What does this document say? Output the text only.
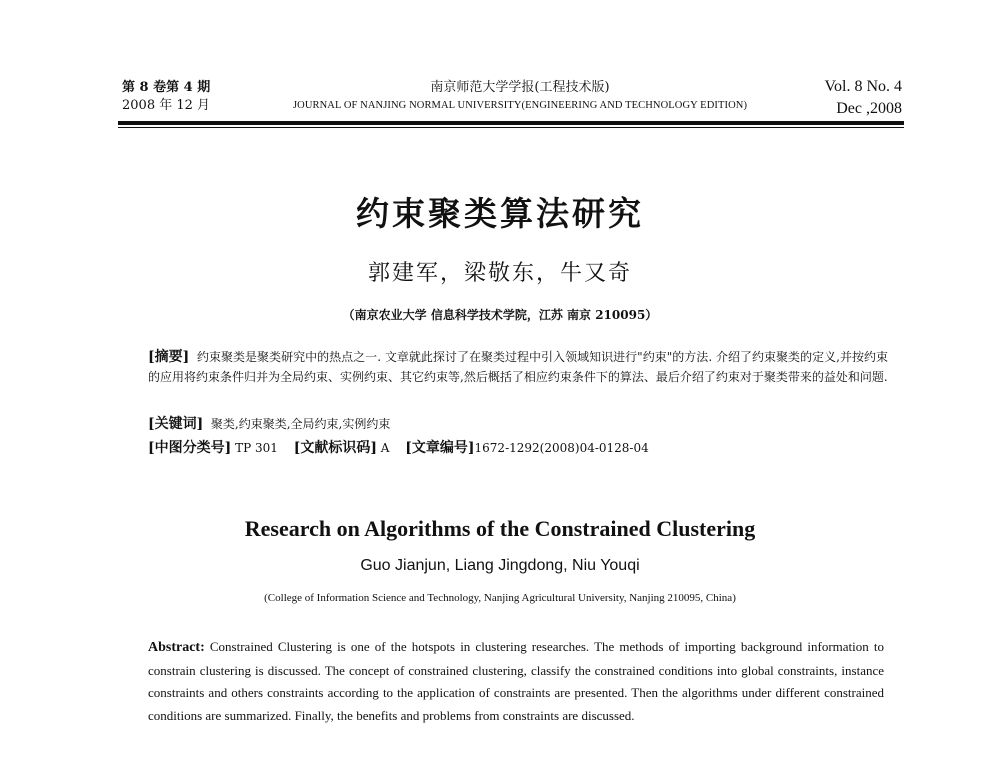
第 8 卷第 4 期
2008 年 12 月
南京师范大学学报(工程技术版)
JOURNAL OF NANJING NORMAL UNIVERSITY(ENGINEERING AND TECHNOLOGY EDITION)
Vol. 8 No. 4
Dec ,2008
约束聚类算法研究
郭建军，梁敬东，牛又奇
（南京农业大学 信息科学技术学院，江苏 南京 210095）
[摘要] 约束聚类是聚类研究中的热点之一. 文章就此探讨了在聚类过程中引入领域知识进行"约束"的方法. 介绍了约束聚类的定义,并按约束的应用将约束条件归并为全局约束、实例约束、其它约束等,然后概括了相应约束条件下的算法、最后介绍了约束对于聚类带来的益处和问题.
[关键词] 聚类,约束聚类,全局约束,实例约束
[中图分类号] TP 301 [文献标识码] A [文章编号]1672-1292(2008)04-0128-04
Research on Algorithms of the Constrained Clustering
Guo Jianjun, Liang Jingdong, Niu Youqi
(College of Information Science and Technology, Nanjing Agricultural University, Nanjing 210095, China)
Abstract: Constrained Clustering is one of the hotspots in clustering researches. The methods of importing background information to constrain clustering is discussed. The concept of constrained clustering, classify the constrained conditions into global constraints, instance constraints and others constraints according to the application of constraints are presented. Then the algorithms under different constrained conditions are summarized. Finally, the benefits and problems from constraints are discussed.
